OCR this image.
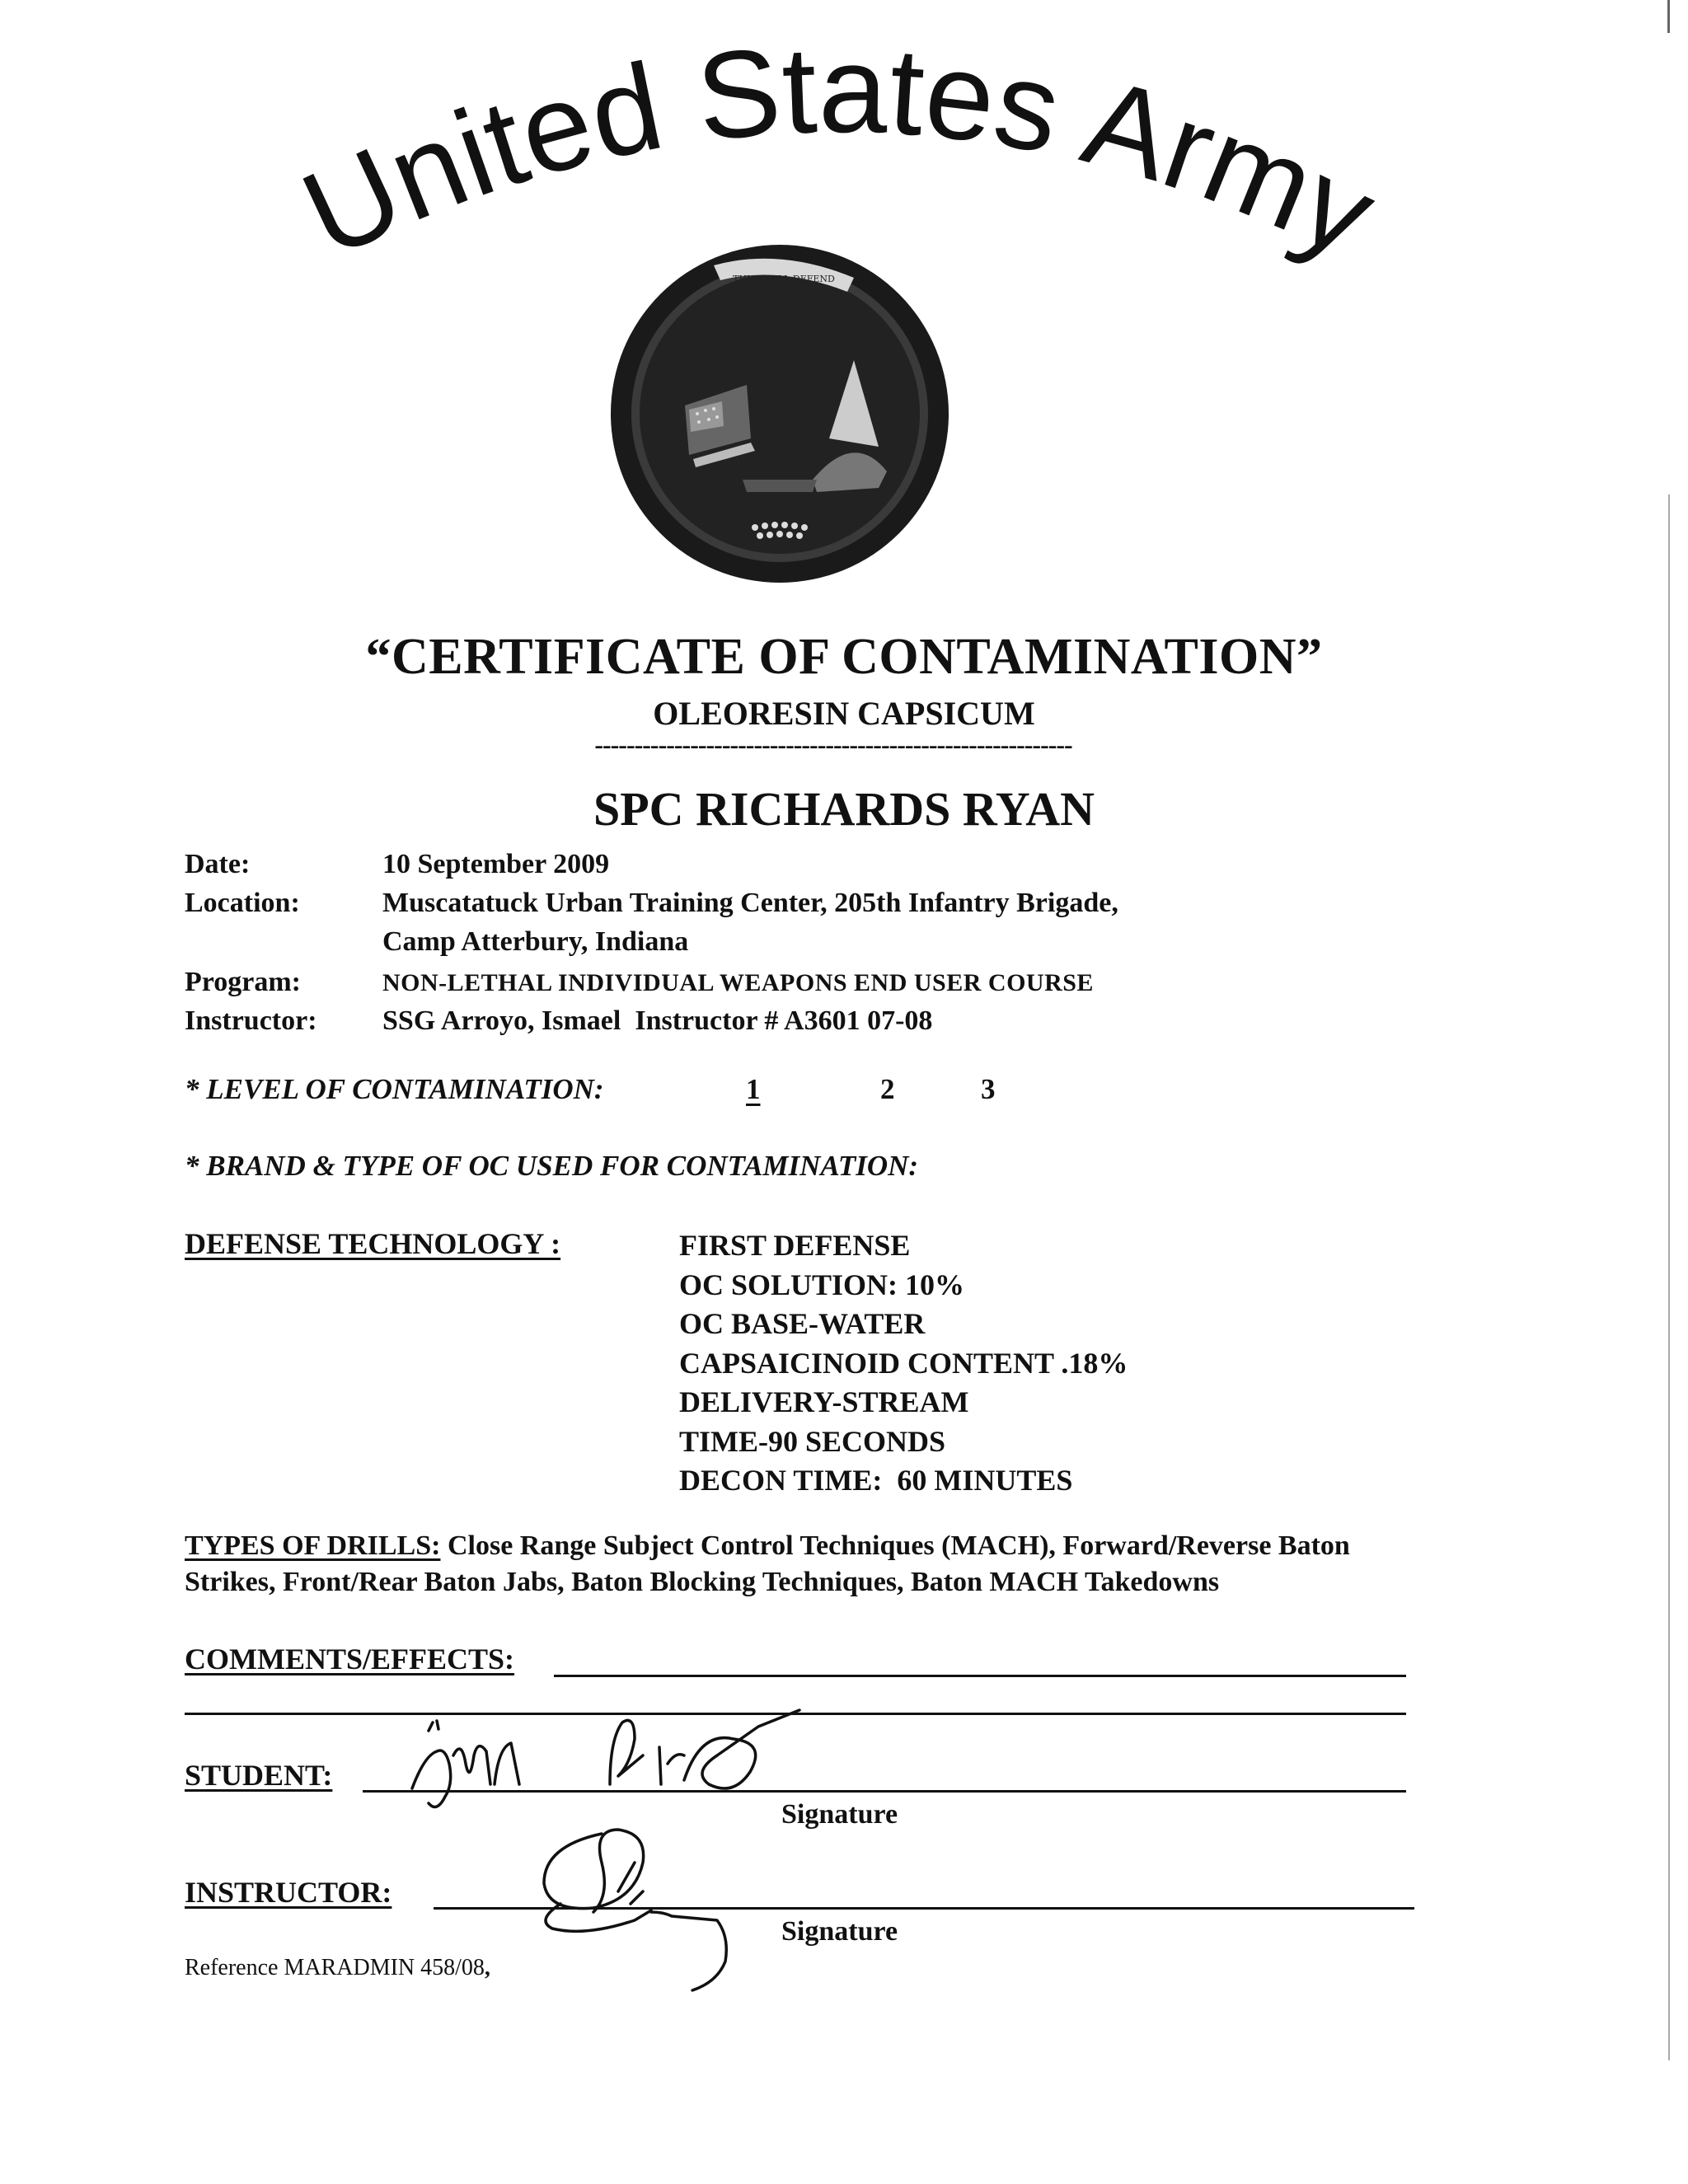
United States Army
THIS WE'LL DEFEND
“CERTIFICATE OF CONTAMINATION”
OLEORESIN CAPSICUM
------------------------------------------------------------
SPC RICHARDS RYAN
Date:	10 September 2009
Location:	Muscatatuck Urban Training Center, 205th Infantry Brigade,
Camp Atterbury, Indiana
Program:	NON-LETHAL INDIVIDUAL WEAPONS END USER COURSE
Instructor: SSG Arroyo, Ismael  Instructor # A3601 07-08
* LEVEL OF CONTAMINATION:	1	2	3
* BRAND & TYPE OF OC USED FOR CONTAMINATION:
DEFENSE TECHNOLOGY :	FIRST DEFENSE
OC SOLUTION: 10%
OC BASE-WATER
CAPSAICINOID CONTENT .18%
DELIVERY-STREAM
TIME-90 SECONDS
DECON TIME:  60 MINUTES
TYPES OF DRILLS: Close Range Subject Control Techniques (MACH), Forward/Reverse Baton
Strikes, Front/Rear Baton Jabs, Baton Blocking Techniques, Baton MACH Takedowns
COMMENTS/EFFECTS:
STUDENT:
Signature
INSTRUCTOR:
Signature
Reference MARADMIN 458/08,
